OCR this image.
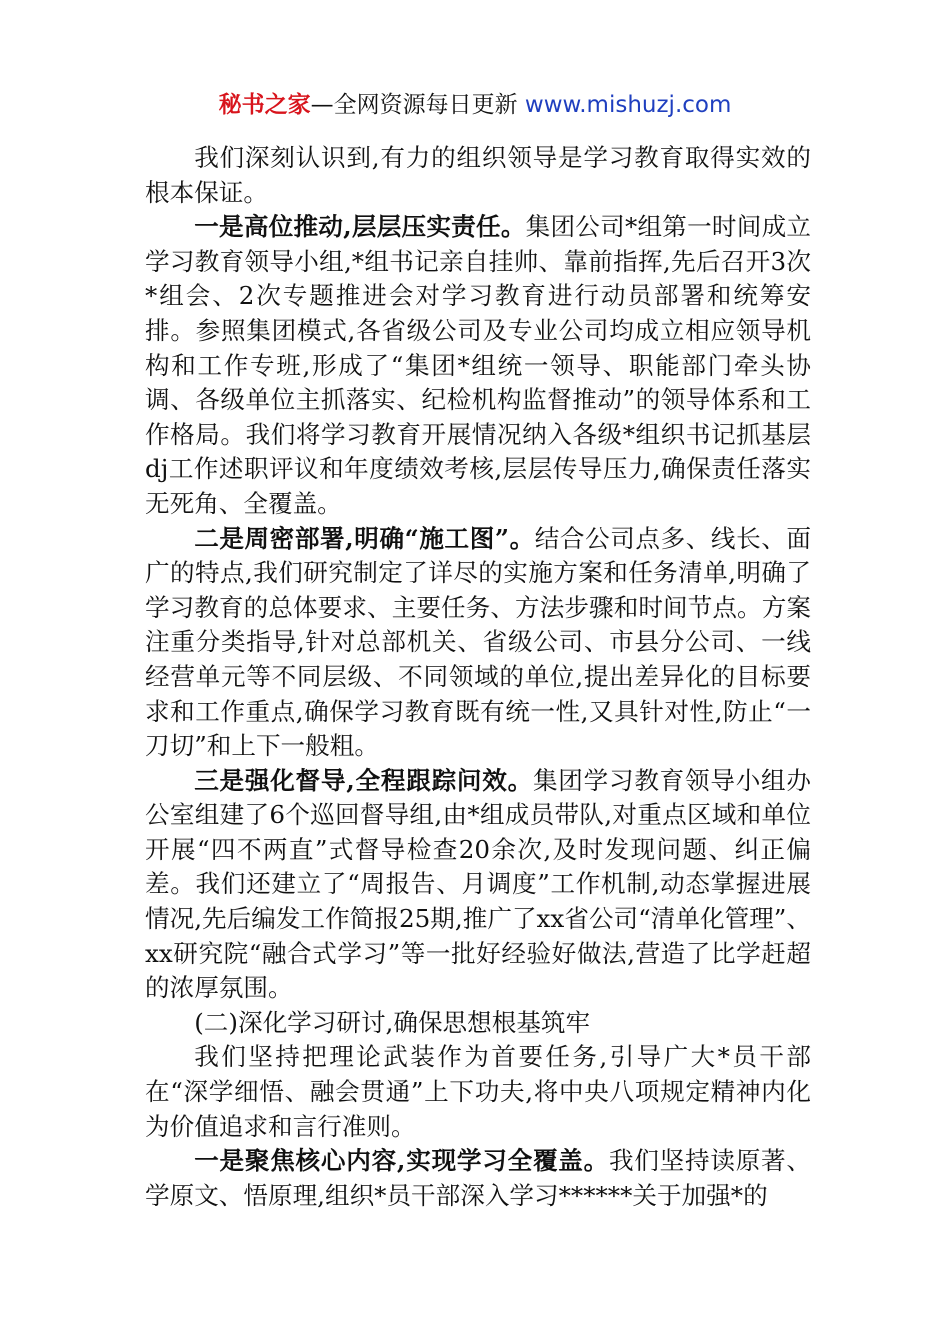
秘书之家—全网资源每日更新 www.mishuzj.com

我们深刻认识到,有力的组织领导是学习教育取得实效的根本保证。

一是高位推动,层层压实责任。集团公司*组第一时间成立学习教育领导小组,*组书记亲自挂帅、靠前指挥,先后召开3次*组会、2次专题推进会对学习教育进行动员部署和统筹安排。参照集团模式,各省级公司及专业公司均成立相应领导机构和工作专班,形成了“集团*组统一领导、职能部门牵头协调、各级单位主抓落实、纪检机构监督推动”的领导体系和工作格局。我们将学习教育开展情况纳入各级*组织书记抓基层dj工作述职评议和年度绩效考核,层层传导压力,确保责任落实无死角、全覆盖。

二是周密部署,明确“施工图”。结合公司点多、线长、面广的特点,我们研究制定了详尽的实施方案和任务清单,明确了学习教育的总体要求、主要任务、方法步骤和时间节点。方案注重分类指导,针对总部机关、省级公司、市县分公司、一线经营单元等不同层级、不同领域的单位,提出差异化的目标要求和工作重点,确保学习教育既有统一性,又具针对性,防止“一刀切”和上下一般粗。

三是强化督导,全程跟踪问效。集团学习教育领导小组办公室组建了6个巡回督导组,由*组成员带队,对重点区域和单位开展“四不两直”式督导检查20余次,及时发现问题、纠正偏差。我们还建立了“周报告、月调度”工作机制,动态掌握进展情况,先后编发工作简报25期,推广了xx省公司“清单化管理”、xx研究院“融合式学习”等一批好经验好做法,营造了比学赶超的浓厚氛围。

(二)深化学习研讨,确保思想根基筑牢

我们坚持把理论武装作为首要任务,引导广大*员干部在“深学细悟、融会贯通”上下功夫,将中央八项规定精神内化为价值追求和言行准则。

一是聚焦核心内容,实现学习全覆盖。我们坚持读原著、学原文、悟原理,组织*员干部深入学习******关于加强*的
